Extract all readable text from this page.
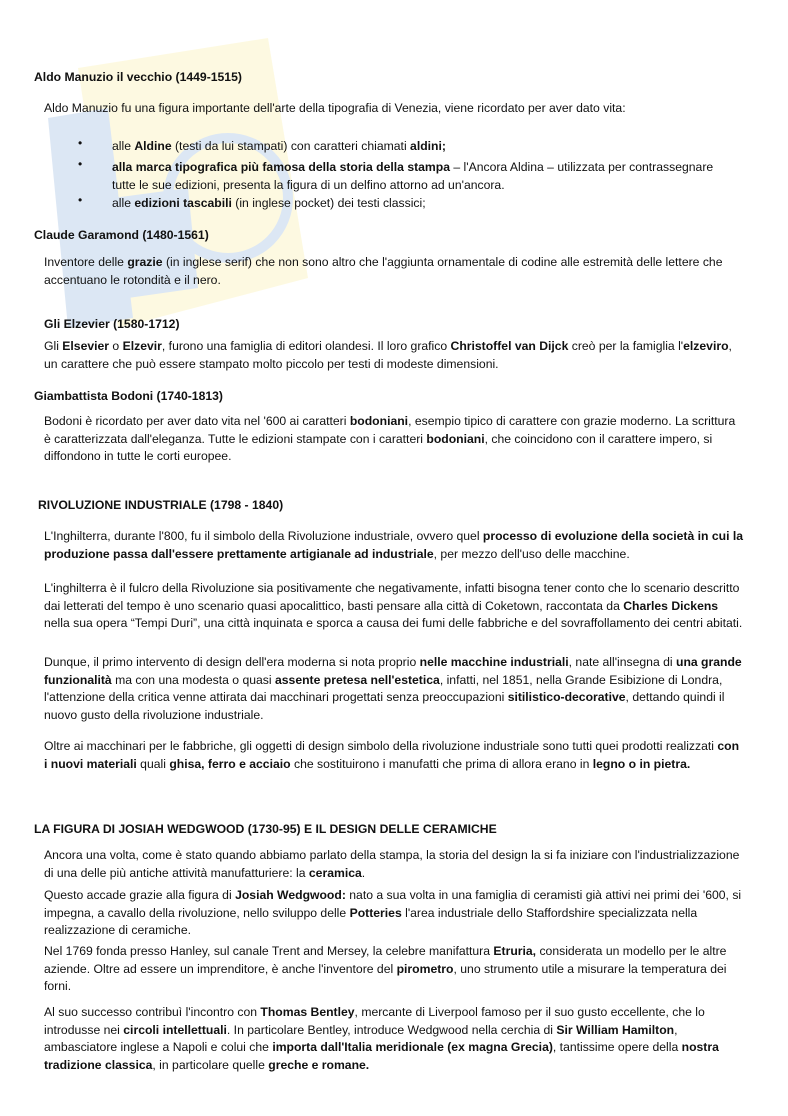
Aldo Manuzio il vecchio (1449-1515)

Aldo Manuzio fu una figura importante dell'arte della tipografia di Venezia, viene ricordato per aver dato vita:

• alle Aldine (testi da lui stampati) con caratteri chiamati aldini;
• alla marca tipografica più famosa della storia della stampa – l'Ancora Aldina – utilizzata per contrassegnare tutte le sue edizioni, presenta la figura di un delfino attorno ad un'ancora.
• alle edizioni tascabili (in inglese pocket) dei testi classici;
Claude Garamond (1480-1561)

Inventore delle grazie (in inglese serif) che non sono altro che l'aggiunta ornamentale di codine alle estremità delle lettere che accentuano le rotondità e il nero.

Gli Elzevier (1580-1712)

Gli Elsevier o Elzevir, furono una famiglia di editori olandesi. Il loro grafico Christoffel van Dijck creò per la famiglia l'elzeviro, un carattere che può essere stampato molto piccolo per testi di modeste dimensioni.

Giambattista Bodoni (1740-1813)

Bodoni è ricordato per aver dato vita nel '600 ai caratteri bodoniani, esempio tipico di carattere con grazie moderno. La scrittura è caratterizzata dall'eleganza. Tutte le edizioni stampate con i caratteri bodoniani, che coincidono con il carattere impero, si diffondono in tutte le corti europee.

RIVOLUZIONE INDUSTRIALE (1798 - 1840)

L'Inghilterra, durante l'800, fu il simbolo della Rivoluzione industriale, ovvero quel processo di evoluzione della società in cui la produzione passa dall'essere prettamente artigianale ad industriale, per mezzo dell'uso delle macchine.

L'inghilterra è il fulcro della Rivoluzione sia positivamente che negativamente, infatti bisogna tener conto che lo scenario descritto dai letterati del tempo è uno scenario quasi apocalittico, basti pensare alla città di Coketown, raccontata da Charles Dickens nella sua opera “Tempi Duri”, una città inquinata e sporca a causa dei fumi delle fabbriche e del sovraffollamento dei centri abitati.

Dunque, il primo intervento di design dell'era moderna si nota proprio nelle macchine industriali, nate all'insegna di una grande funzionalità ma con una modesta o quasi assente pretesa nell'estetica, infatti, nel 1851, nella Grande Esibizione di Londra, l'attenzione della critica venne attirata dai macchinari progettati senza preoccupazioni sitilistico-decorative, dettando quindi il nuovo gusto della rivoluzione industriale.

Oltre ai macchinari per le fabbriche, gli oggetti di design simbolo della rivoluzione industriale sono tutti quei prodotti realizzati con i nuovi materiali quali ghisa, ferro e acciaio che sostituirono i manufatti che prima di allora erano in legno o in pietra.

LA FIGURA DI JOSIAH WEDGWOOD (1730-95) E IL DESIGN DELLE CERAMICHE

Ancora una volta, come è stato quando abbiamo parlato della stampa, la storia del design la si fa iniziare con l'industrializzazione di una delle più antiche attività manufatturiere: la ceramica.

Questo accade grazie alla figura di Josiah Wedgwood: nato a sua volta in una famiglia di ceramisti già attivi nei primi dei '600, si impegna, a cavallo della rivoluzione, nello sviluppo delle Potteries l'area industriale dello Staffordshire specializzata nella realizzazione di ceramiche.

Nel 1769 fonda presso Hanley, sul canale Trent and Mersey, la celebre manifattura Etruria, considerata un modello per le altre aziende. Oltre ad essere un imprenditore, è anche l'inventore del pirometro, uno strumento utile a misurare la temperatura dei forni.

Al suo successo contribuì l'incontro con Thomas Bentley, mercante di Liverpool famoso per il suo gusto eccellente, che lo introdusse nei circoli intellettuali. In particolare Bentley, introduce Wedgwood nella cerchia di Sir William Hamilton, ambasciatore inglese a Napoli e colui che importa dall'Italia meridionale (ex magna Grecia), tantissime opere della nostra tradizione classica, in particolare quelle greche e romane.
